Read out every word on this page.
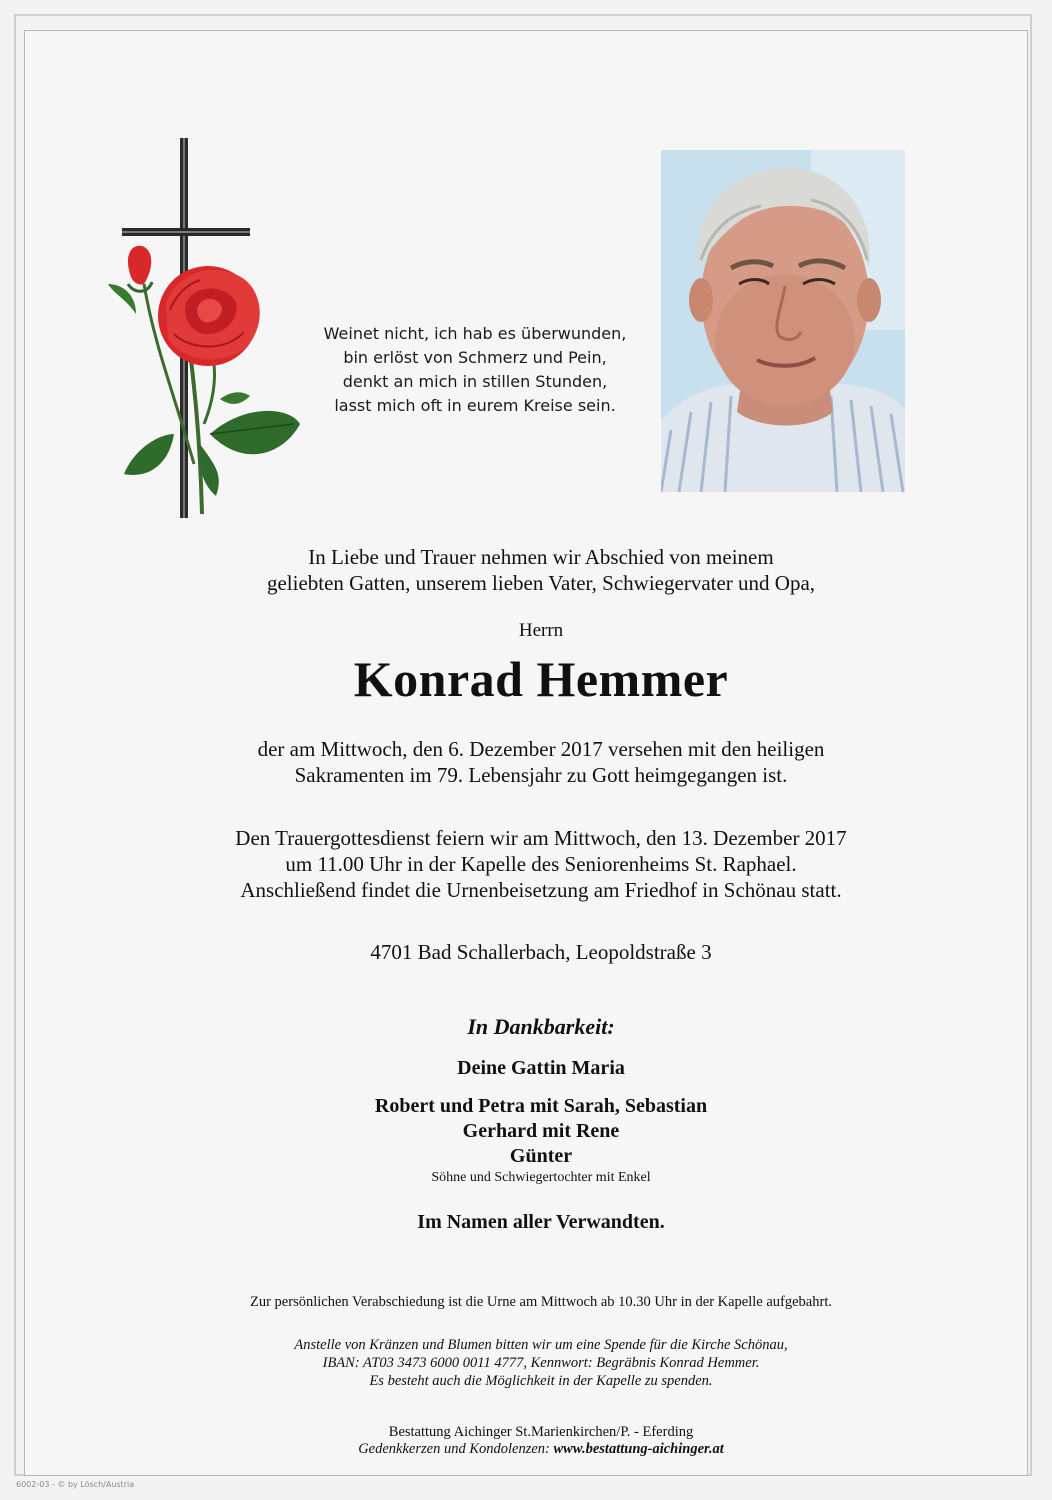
Weinet nicht, ich hab es überwunden,
bin erlöst von Schmerz und Pein,
denkt an mich in stillen Stunden,
lasst mich oft in eurem Kreise sein.
In Liebe und Trauer nehmen wir Abschied von meinem
geliebten Gatten, unserem lieben Vater, Schwiegervater und Opa,
Herrn
Konrad Hemmer
der am Mittwoch, den 6. Dezember 2017 versehen mit den heiligen
Sakramenten im 79. Lebensjahr zu Gott heimgegangen ist.
Den Trauergottesdienst feiern wir am Mittwoch, den 13. Dezember 2017
um 11.00 Uhr in der Kapelle des Seniorenheims St. Raphael.
Anschließend findet die Urnenbeisetzung am Friedhof in Schönau statt.
4701 Bad Schallerbach, Leopoldstraße 3
In Dankbarkeit:
Deine Gattin Maria
Robert und Petra mit Sarah, Sebastian
Gerhard mit Rene
Günter
Söhne und Schwiegertochter mit Enkel
Im Namen aller Verwandten.
Zur persönlichen Verabschiedung ist die Urne am Mittwoch ab 10.30 Uhr in der Kapelle aufgebahrt.
Anstelle von Kränzen und Blumen bitten wir um eine Spende für die Kirche Schönau,
IBAN: AT03 3473 6000 0011 4777, Kennwort: Begräbnis Konrad Hemmer.
Es besteht auch die Möglichkeit in der Kapelle zu spenden.
Bestattung Aichinger St.Marienkirchen/P. - Eferding
Gedenkkerzen und Kondolenzen: www.bestattung-aichinger.at
6002-03 - © by Lösch/Austria
